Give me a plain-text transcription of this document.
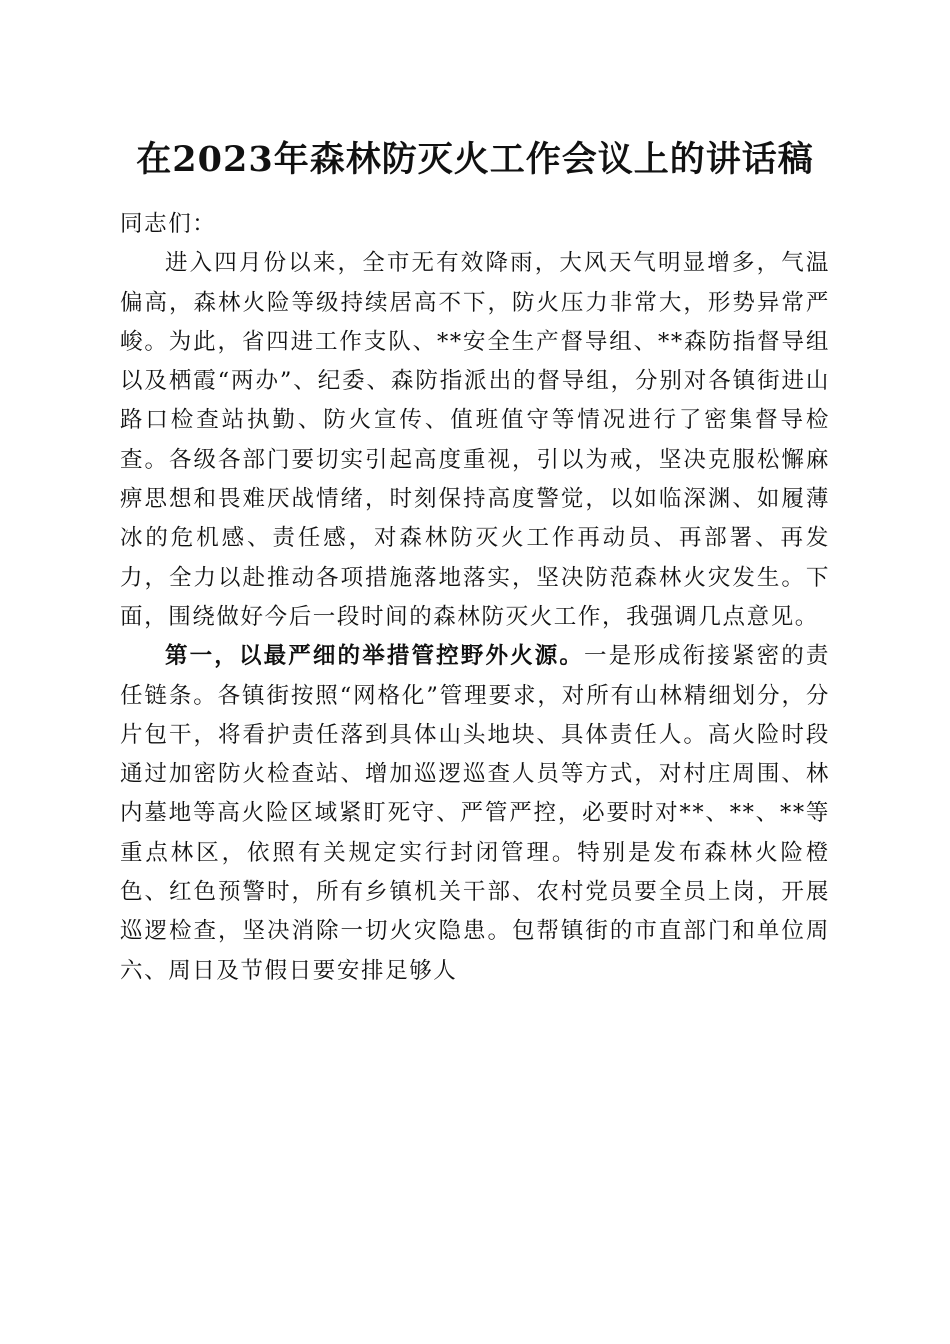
在2023年森林防灭火工作会议上的讲话稿

同志们：

进入四月份以来，全市无有效降雨，大风天气明显增多，气温偏高，森林火险等级持续居高不下，防火压力非常大，形势异常严峻。为此，省四进工作支队、**安全生产督导组、**森防指督导组以及栖霞“两办”、纪委、森防指派出的督导组，分别对各镇街进山路口检查站执勤、防火宣传、值班值守等情况进行了密集督导检查。各级各部门要切实引起高度重视，引以为戒，坚决克服松懈麻痹思想和畏难厌战情绪，时刻保持高度警觉，以如临深渊、如履薄冰的危机感、责任感，对森林防灭火工作再动员、再部署、再发力，全力以赴推动各项措施落地落实，坚决防范森林火灾发生。下面，围绕做好今后一段时间的森林防灭火工作，我强调几点意见。

第一，以最严细的举措管控野外火源。一是形成衔接紧密的责任链条。各镇街按照“网格化”管理要求，对所有山林精细划分，分片包干，将看护责任落到具体山头地块、具体责任人。高火险时段通过加密防火检查站、增加巡逻巡查人员等方式，对村庄周围、林内墓地等高火险区域紧盯死守、严管严控，必要时对**、**、**等重点林区，依照有关规定实行封闭管理。特别是发布森林火险橙色、红色预警时，所有乡镇机关干部、农村党员要全员上岗，开展巡逻检查，坚决消除一切火灾隐患。包帮镇街的市直部门和单位周六、周日及节假日要安排足够人
